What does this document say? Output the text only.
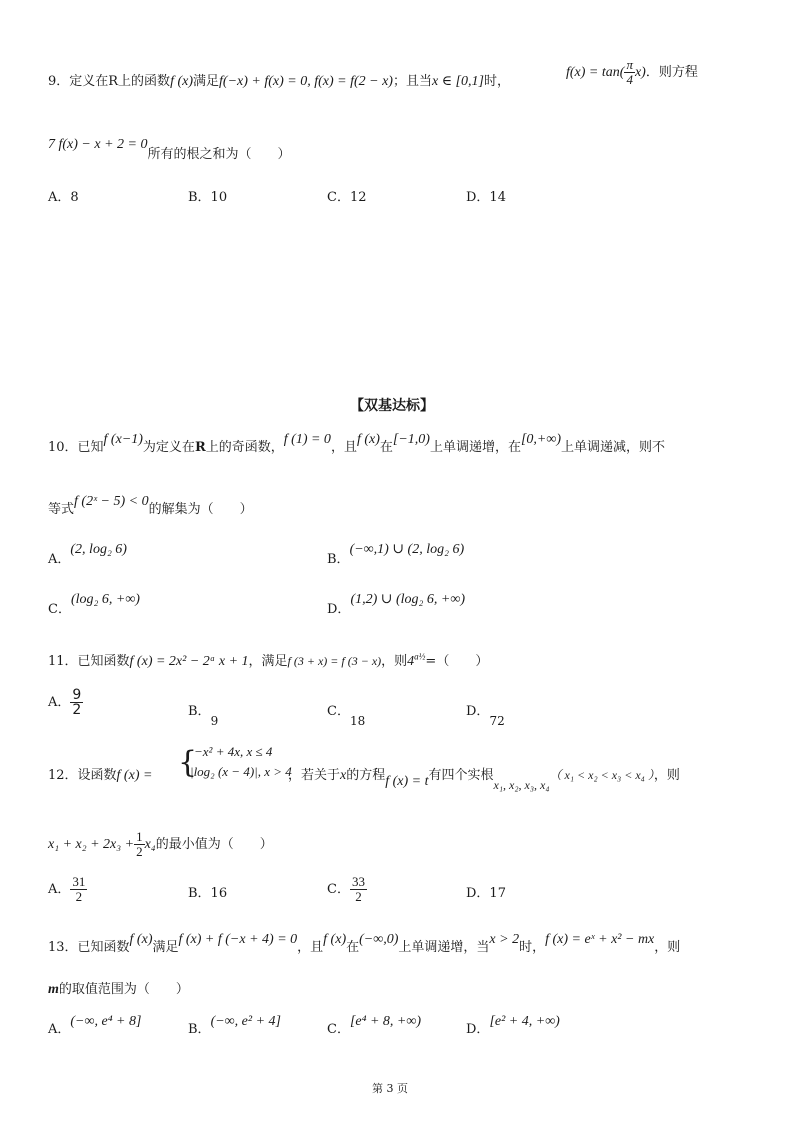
9．定义在R上的函数f (x)满足f(−x) + f(x) = 0, f(x) = f(2 − x)；且当x ∈ [0,1]时，
$f(x) = \tan( \frac{\pi}{4} x)$．则方程
7 f(x) − x + 2 = 0所有的根之和为（　　）
A．8	B．10	C．12	D．14
【双基达标】
10．已知f (x−1)为定义在R上的奇函数，f (1) = 0，且f (x)在[−1,0)上单调递增，在[0,+∞)上单调递减，则不
等式f (2ˣ − 5) < 0的解集为（　　）
A．(2, log₂ 6)
B．(−∞,1) ∪ (2, log₂ 6)
C．(log₂ 6, +∞)
D．(1,2) ∪ (log₂ 6, +∞)
11．已知函数f (x) = 2x² − 2ᵃ x + 1，满足f (3 + x) = f (3 − x)，则$4^{a\frac{1}{2}}=$（　　）
A． $\frac{9}{2}$	B．9
C．18
D．72
12．设函数f (x) = {
−x² + 4x, x ≤ 4
|log₂ (x − 4)|, x > 4
，若关于x的方程f (x) = t有四个实根x₁, x₂, x₃, x₄（ x₁ < x₂ < x₃ < x₄ ），则
$x_1 + x_2 + 2x_3 + \frac{1}{2} x_4$的最小值为（　　）
A． $\frac{31}{2}$	B．16	C． $\frac{33}{2}$	D．17
13．已知函数f (x)满足f (x) + f (−x + 4) = 0，且f (x)在(−∞,0)上单调递增，当x > 2时，f (x) = eˣ + x² − mx，则
m的取值范围为（　　）
A．(−∞, e⁴ + 8]
B．(−∞, e² + 4]
C．[e⁴ + 8, +∞)
D．[e² + 4, +∞)
第 3 页
